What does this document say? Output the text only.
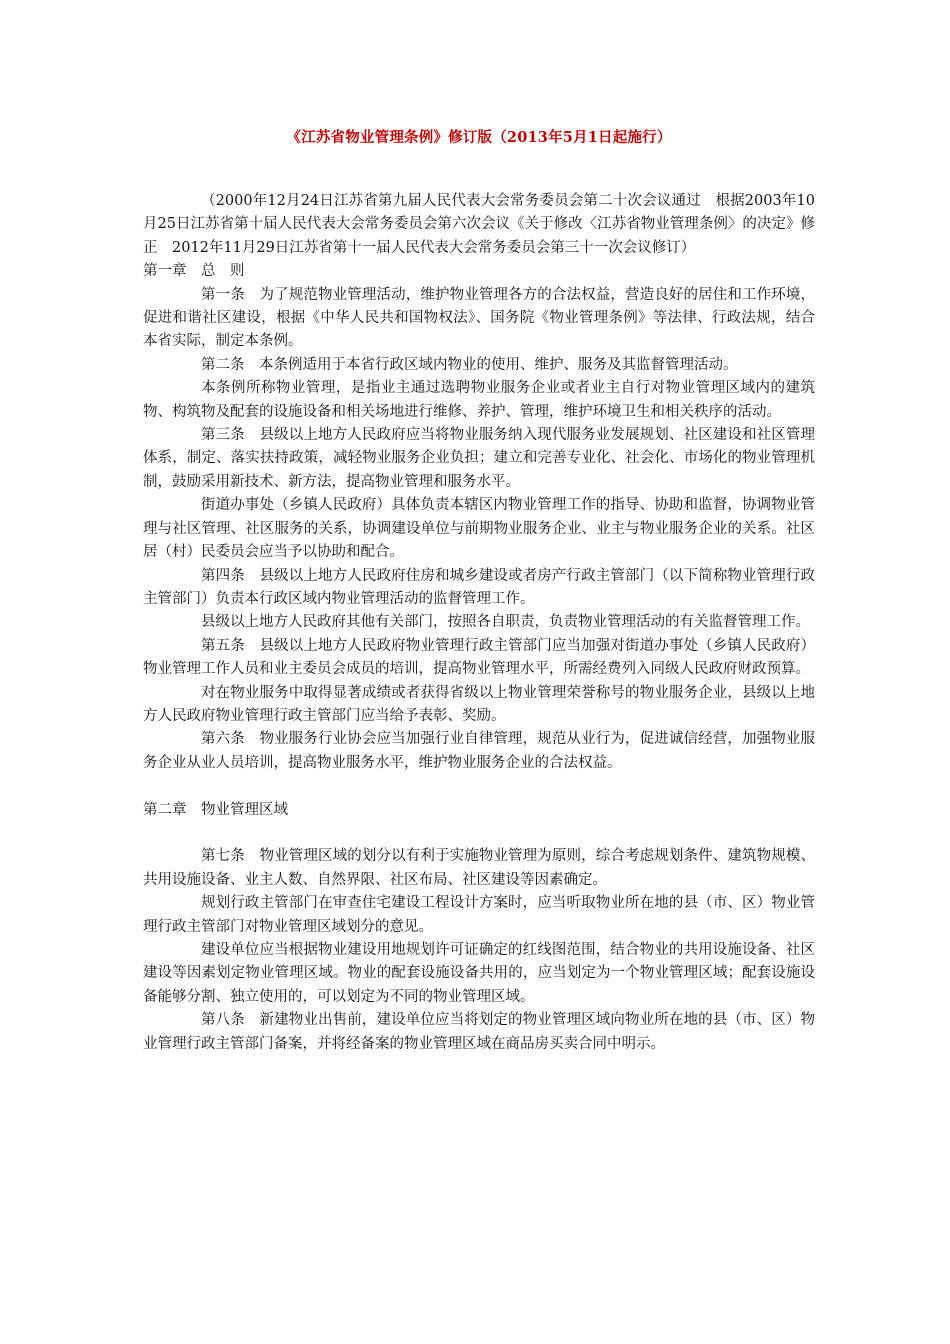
《江苏省物业管理条例》修订版（2013年5月1日起施行）

（2000年12月24日江苏省第九届人民代表大会常务委员会第二十次会议通过　根据2003年10月25日江苏省第十届人民代表大会常务委员会第六次会议《关于修改〈江苏省物业管理条例〉的决定》修正　2012年11月29日江苏省第十一届人民代表大会常务委员会第三十一次会议修订）

第一章　总　则

第一条　为了规范物业管理活动，维护物业管理各方的合法权益，营造良好的居住和工作环境，促进和谐社区建设，根据《中华人民共和国物权法》、国务院《物业管理条例》等法律、行政法规，结合本省实际，制定本条例。

第二条　本条例适用于本省行政区域内物业的使用、维护、服务及其监督管理活动。

本条例所称物业管理，是指业主通过选聘物业服务企业或者业主自行对物业管理区域内的建筑物、构筑物及配套的设施设备和相关场地进行维修、养护、管理，维护环境卫生和相关秩序的活动。

第三条　县级以上地方人民政府应当将物业服务纳入现代服务业发展规划、社区建设和社区管理体系，制定、落实扶持政策，减轻物业服务企业负担；建立和完善专业化、社会化、市场化的物业管理机制，鼓励采用新技术、新方法，提高物业管理和服务水平。

街道办事处（乡镇人民政府）具体负责本辖区内物业管理工作的指导、协助和监督，协调物业管理与社区管理、社区服务的关系，协调建设单位与前期物业服务企业、业主与物业服务企业的关系。社区居（村）民委员会应当予以协助和配合。

第四条　县级以上地方人民政府住房和城乡建设或者房产行政主管部门（以下简称物业管理行政主管部门）负责本行政区域内物业管理活动的监督管理工作。

县级以上地方人民政府其他有关部门，按照各自职责，负责物业管理活动的有关监督管理工作。

第五条　县级以上地方人民政府物业管理行政主管部门应当加强对街道办事处（乡镇人民政府）物业管理工作人员和业主委员会成员的培训，提高物业管理水平，所需经费列入同级人民政府财政预算。

对在物业服务中取得显著成绩或者获得省级以上物业管理荣誉称号的物业服务企业，县级以上地方人民政府物业管理行政主管部门应当给予表彰、奖励。

第六条　物业服务行业协会应当加强行业自律管理，规范从业行为，促进诚信经营，加强物业服务企业从业人员培训，提高物业服务水平，维护物业服务企业的合法权益。

第二章　物业管理区域

第七条　物业管理区域的划分以有利于实施物业管理为原则，综合考虑规划条件、建筑物规模、共用设施设备、业主人数、自然界限、社区布局、社区建设等因素确定。

规划行政主管部门在审查住宅建设工程设计方案时，应当听取物业所在地的县（市、区）物业管理行政主管部门对物业管理区域划分的意见。

建设单位应当根据物业建设用地规划许可证确定的红线图范围，结合物业的共用设施设备、社区建设等因素划定物业管理区域。物业的配套设施设备共用的，应当划定为一个物业管理区域；配套设施设备能够分割、独立使用的，可以划定为不同的物业管理区域。

第八条　新建物业出售前，建设单位应当将划定的物业管理区域向物业所在地的县（市、区）物业管理行政主管部门备案，并将经备案的物业管理区域在商品房买卖合同中明示。
